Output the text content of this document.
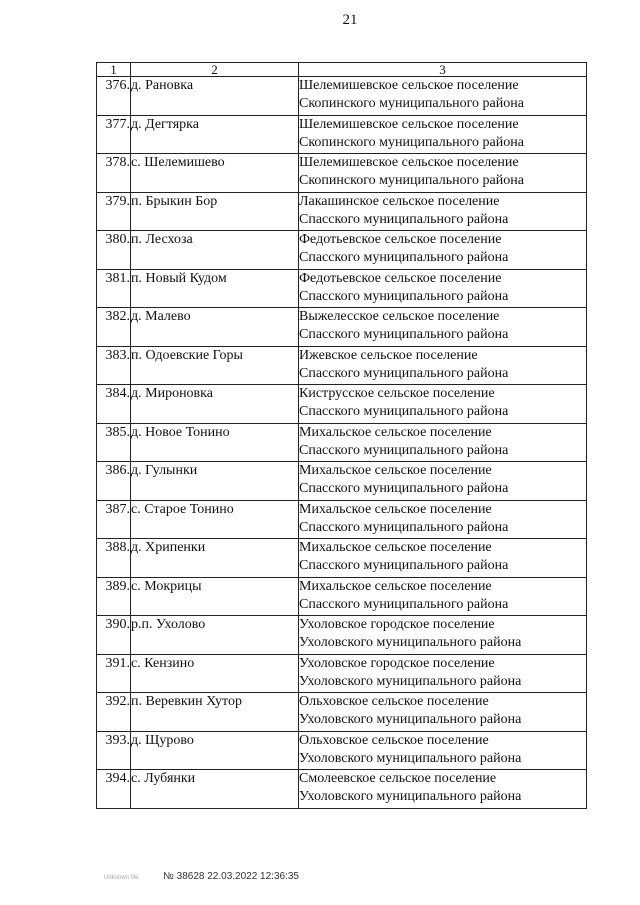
21
1	2	3
376.	д. Рановка	Шелемишевское сельское поселение
Скопинского муниципального района

377.	д. Дегтярка	Шелемишевское сельское поселение
Скопинского муниципального района

378.	с. Шелемишево	Шелемишевское сельское поселение
Скопинского муниципального района

379.	п. Брыкин Бор	Лакашинское сельское поселение
Спасского муниципального района

380.	п. Лесхоза	Федотьевское сельское поселение
Спасского муниципального района

381.	п. Новый Кудом	Федотьевское сельское поселение
Спасского муниципального района

382.	д. Малево	Выжелесское сельское поселение
Спасского муниципального района

383.	п. Одоевские Горы	Ижевское сельское поселение
Спасского муниципального района

384.	д. Мироновка	Киструсское сельское поселение
Спасского муниципального района

385.	д. Новое Тонино	Михальское сельское поселение
Спасского муниципального района

386.	д. Гулынки	Михальское сельское поселение
Спасского муниципального района

387.	с. Старое Тонино	Михальское сельское поселение
Спасского муниципального района

388.	д. Хрипенки	Михальское сельское поселение
Спасского муниципального района

389.	с. Мокрицы	Михальское сельское поселение
Спасского муниципального района

390.	р.п. Ухолово	Ухоловское городское поселение
Ухоловского муниципального района

391.	с. Кензино	Ухоловское городское поселение
Ухоловского муниципального района

392.	п. Веревкин Хутор	Ольховское сельское поселение
Ухоловского муниципального района

393.	д. Щурово	Ольховское сельское поселение
Ухоловского муниципального района

394.	с. Лубянки	Смолеевское сельское поселение
Ухоловского муниципального района
Unknown file № 38628 22.03.2022 12:36:35
